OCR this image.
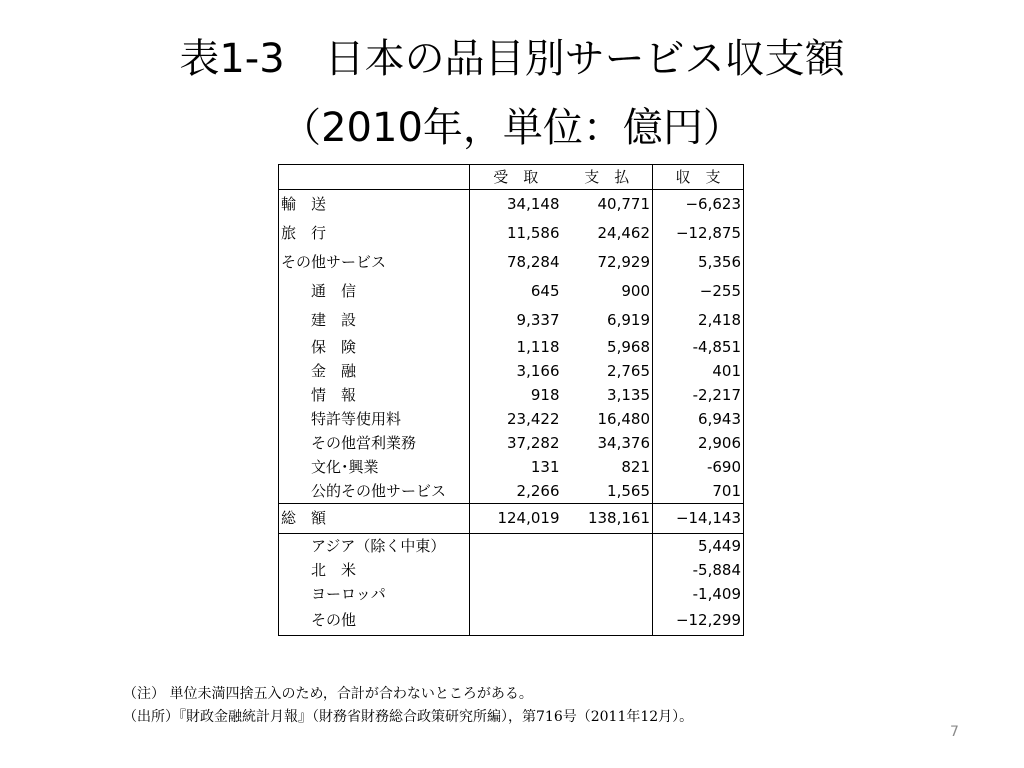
表1-3　日本の品目別サービス収支額
（2010年，単位：億円）
	受　取	支　払	収　支
輸　送	34,148	40,771	−6,623
旅　行	11,586	24,462	−12,875
その他サービス	78,284	72,929	5,356
通　信	645	900	−255
建　設	9,337	6,919	2,418
保　険	1,118	5,968	-4,851
金　融	3,166	2,765	401
情　報	918	3,135	-2,217
特許等使用料	23,422	16,480	6,943
その他営利業務	37,282	34,376	2,906
文化･興業	131	821	-690
公的その他サービス	2,266	1,565	701
総　額	124,019	138,161	−14,143
アジア（除く中東）			5,449
北　米			-5,884
ヨーロッパ			-1,409
その他			−12,299
（注） 単位未満四捨五入のため，合計が合わないところがある。
（出所）『財政金融統計月報』（財務省財務総合政策研究所編），第716号（2011年12月）。
7
